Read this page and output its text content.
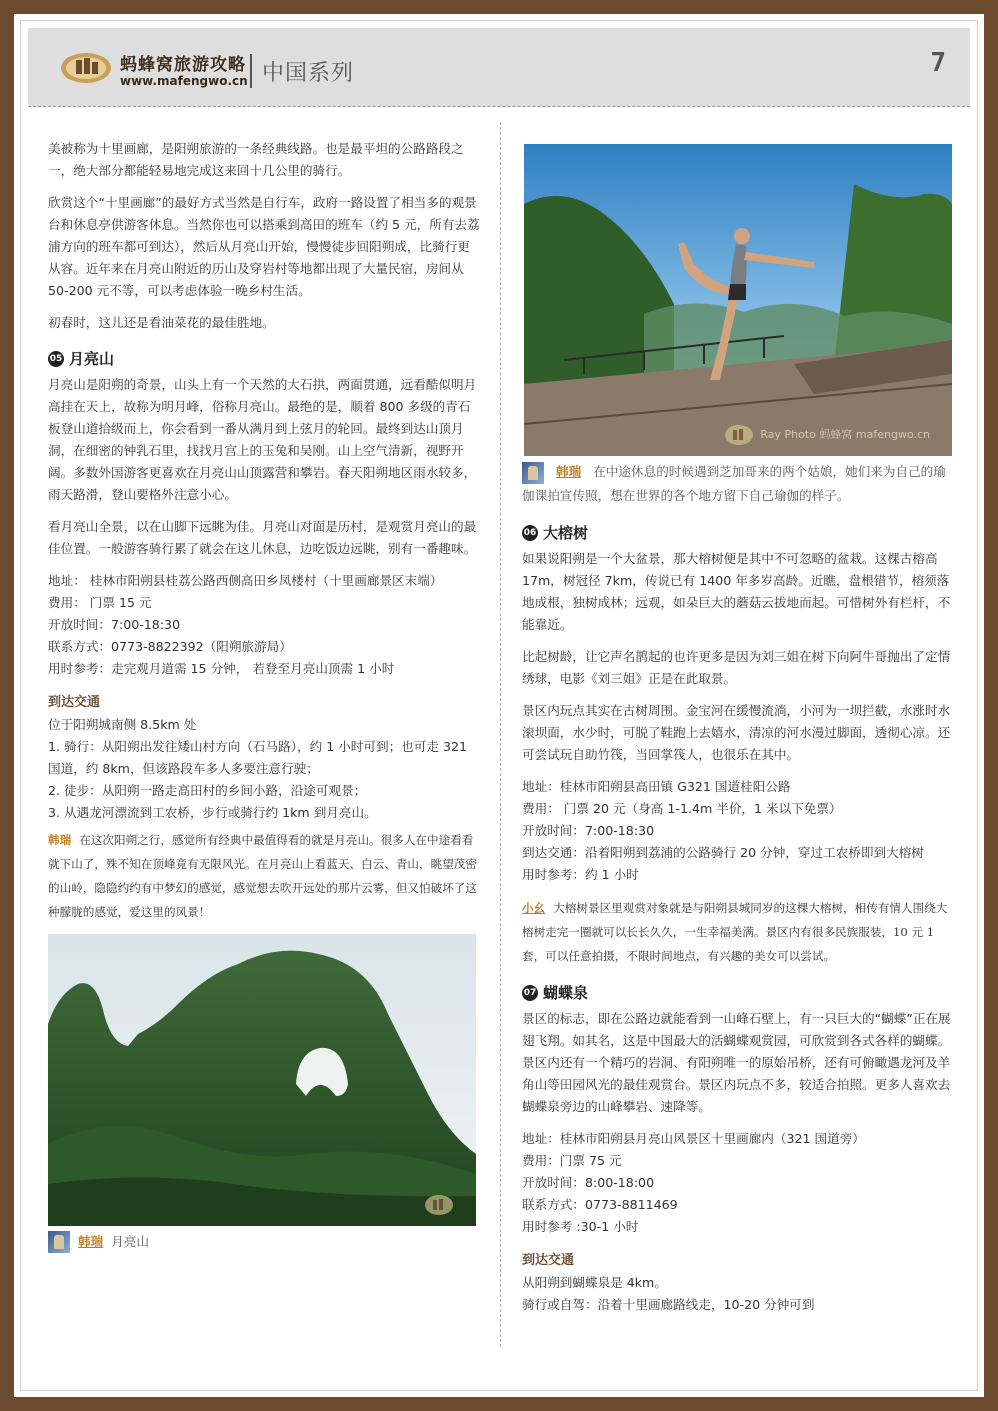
蚂蜂窝旅游攻略
www.mafengwo.cn 中国系列	7

美被称为十里画廊，是阳朔旅游的一条经典线路。也是最平坦的公路路段之一，绝大部分都能轻易地完成这来回十几公里的骑行。

欣赏这个“十里画廊”的最好方式当然是自行车，政府一路设置了相当多的观景台和休息亭供游客休息。当然你也可以搭乘到高田的班车（约 5 元，所有去荔浦方向的班车都可到达），然后从月亮山开始，慢慢徒步回阳朔成，比骑行更从容。近年来在月亮山附近的历山及穿岩村等地都出现了大量民宿，房间从 50-200 元不等，可以考虑体验一晚乡村生活。

初春时，这儿还是看油菜花的最佳胜地。

05 月亮山

月亮山是阳朔的奇景，山头上有一个天然的大石拱，两面贯通，远看酷似明月高挂在天上，故称为明月峰，俗称月亮山。最绝的是，顺着 800 多级的青石板登山道拾级而上，你会看到一番从满月到上弦月的轮回。最终到达山顶月洞，在细密的钟乳石里，找找月宫上的玉兔和吴刚。山上空气清新，视野开阔。多数外国游客更喜欢在月亮山山顶露营和攀岩。春天阳朔地区雨水较多，雨天路滑，登山要格外注意小心。

看月亮山全景，以在山脚下远眺为佳。月亮山对面是历村，是观赏月亮山的最佳位置。一般游客骑行累了就会在这儿休息，边吃饭边远眺，别有一番趣味。

地址： 桂林市阳朔县桂荔公路西侧高田乡凤楼村（十里画廊景区末端）
费用： 门票 15 元
开放时间：7:00-18:30
联系方式：0773-8822392（阳朔旅游局）
用时参考：走完观月道需 15 分钟， 若登至月亮山顶需 1 小时
到达交通
位于阳朔城南侧 8.5km 处
1. 骑行：从阳朔出发往矮山村方向（石马路），约 1 小时可到；也可走 321 国道，约 8km，但该路段车多人多要注意行驶；
2. 徒步：从阳朔一路走高田村的乡间小路，沿途可观景；
3. 从遇龙河漂流到工农桥，步行或骑行约 1km 到月亮山。
韩瑞 在这次阳朔之行，感觉所有经典中最值得看的就是月亮山。很多人在中途看看就下山了，殊不知在顶峰竟有无限风光。在月亮山上看蓝天、白云、青山，眺望茂密的山岭，隐隐约约有中梦幻的感觉，感觉想去吹开远处的那片云雾，但又怕破坏了这种朦胧的感觉，爱这里的风景！
韩瑞 月亮山
Ray Photo 蚂蜂窝 mafengwo.cn
韩瑞 在中途休息的时候遇到芝加哥来的两个姑娘，她们来为自己的瑜伽课拍宣传照，想在世界的各个地方留下自己瑜伽的样子。
06 大榕树

如果说阳朔是一个大盆景，那大榕树便是其中不可忽略的盆栽。这棵古榕高 17m，树冠径 7km，传说已有 1400 年多岁高龄。近瞧，盘根错节，榕须落地成根，独树成林；远观，如朵巨大的蘑菇云拔地而起。可惜树外有栏杆，不能靠近。

比起树龄，让它声名鹊起的也许更多是因为刘三姐在树下向阿牛哥抛出了定情绣球，电影《刘三姐》正是在此取景。

景区内玩点其实在古树周围。金宝河在缓慢流淌，小河为一坝拦截，水涨时水滚坝面，水少时，可脱了鞋跑上去嬉水，清凉的河水漫过脚面，透彻心凉。还可尝试玩自助竹筏，当回掌筏人，也很乐在其中。

地址：桂林市阳朔县高田镇 G321 国道桂阳公路
费用： 门票 20 元（身高 1-1.4m 半价，1 米以下免票）
开放时间：7:00-18:30
到达交通：沿着阳朔到荔浦的公路骑行 20 分钟，穿过工农桥即到大榕树
用时参考：约 1 小时
小幺 大榕树景区里观赏对象就是与阳朔县城同岁的这棵大榕树，相传有情人围绕大榕树走完一圈就可以长长久久，一生幸福美满。景区内有很多民族服装，10 元 1 套，可以任意拍摄，不限时间地点，有兴趣的美女可以尝试。
07 蝴蝶泉

景区的标志，即在公路边就能看到一山峰石壁上，有一只巨大的“蝴蝶”正在展翅飞翔。如其名，这是中国最大的活蝴蝶观赏园，可欣赏到各式各样的蝴蝶。景区内还有一个精巧的岩洞、有阳朔唯一的原始吊桥，还有可俯瞰遇龙河及羊角山等田园风光的最佳观赏台。景区内玩点不多，较适合拍照。更多人喜欢去蝴蝶泉旁边的山峰攀岩、速降等。

地址：桂林市阳朔县月亮山风景区十里画廊内（321 国道旁）
费用：门票 75 元
开放时间：8:00-18:00
联系方式：0773-8811469
用时参考 :30-1 小时
到达交通
从阳朔到蝴蝶泉是 4km。
骑行或自驾：沿着十里画廊路线走，10-20 分钟可到
